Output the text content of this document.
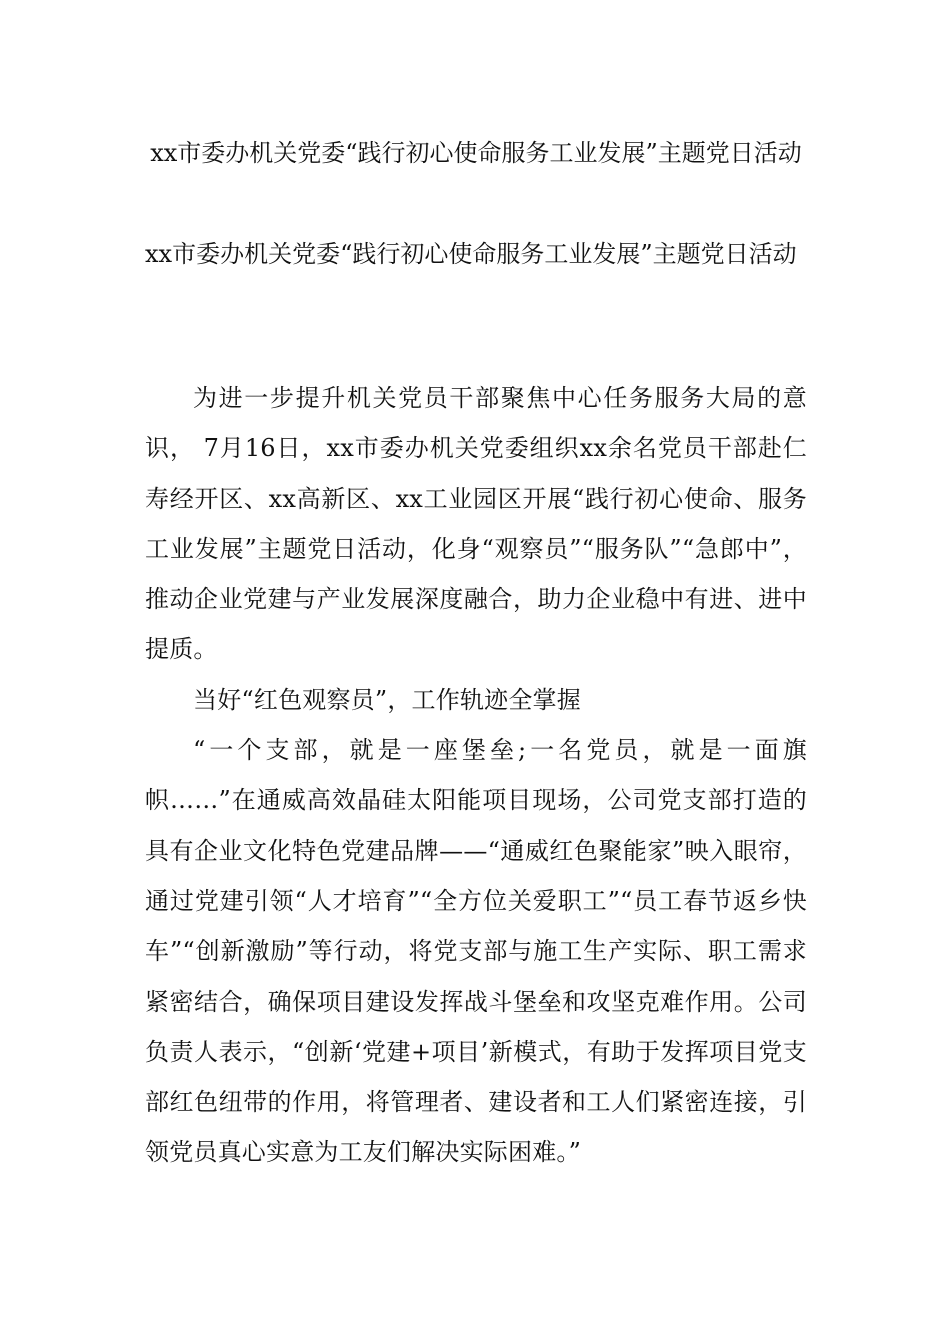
xx市委办机关党委“践行初心使命服务工业发展”主题党日活动
xx市委办机关党委“践行初心使命服务工业发展”主题党日活动

为进一步提升机关党员干部聚焦中心任务服务大局的意识， 7月16日，xx市委办机关党委组织xx余名党员干部赴仁寿经开区、xx高新区、xx工业园区开展“践行初心使命、服务工业发展”主题党日活动，化身“观察员”“服务队”“急郎中”，推动企业党建与产业发展深度融合，助力企业稳中有进、进中提质。

当好“红色观察员”，工作轨迹全掌握

“一个支部，就是一座堡垒;一名党员，就是一面旗帜……”在通威高效晶硅太阳能项目现场，公司党支部打造的具有企业文化特色党建品牌——“通威红色聚能家”映入眼帘，通过党建引领“人才培育”“全方位关爱职工”“员工春节返乡快车”“创新激励”等行动，将党支部与施工生产实际、职工需求紧密结合，确保项目建设发挥战斗堡垒和攻坚克难作用。公司负责人表示，“创新‘党建+项目’新模式，有助于发挥项目党支部红色纽带的作用，将管理者、建设者和工人们紧密连接，引领党员真心实意为工友们解决实际困难。”
